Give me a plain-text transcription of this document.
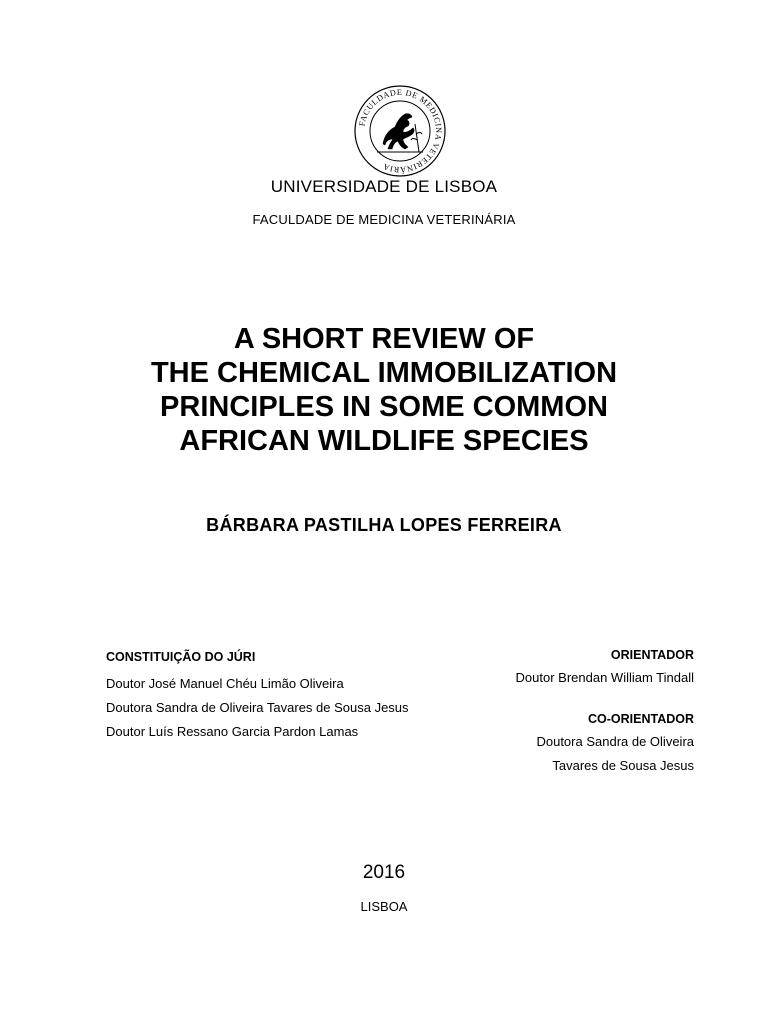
FACULDADE DE MEDICINA VETERINÁRIA
UNIVERSIDADE DE LISBOA
FACULDADE DE MEDICINA VETERINÁRIA
A SHORT REVIEW OF
THE CHEMICAL IMMOBILIZATION
PRINCIPLES IN SOME COMMON
AFRICAN WILDLIFE SPECIES
BÁRBARA PASTILHA LOPES FERREIRA

CONSTITUIÇÃO DO JÚRI

Doutor José Manuel Chéu Limão Oliveira

Doutora Sandra de Oliveira Tavares de Sousa Jesus

Doutor Luís Ressano Garcia Pardon Lamas

ORIENTADOR

Doutor Brendan William Tindall

CO-ORIENTADOR

Doutora Sandra de Oliveira

Tavares de Sousa Jesus

2016
LISBOA
